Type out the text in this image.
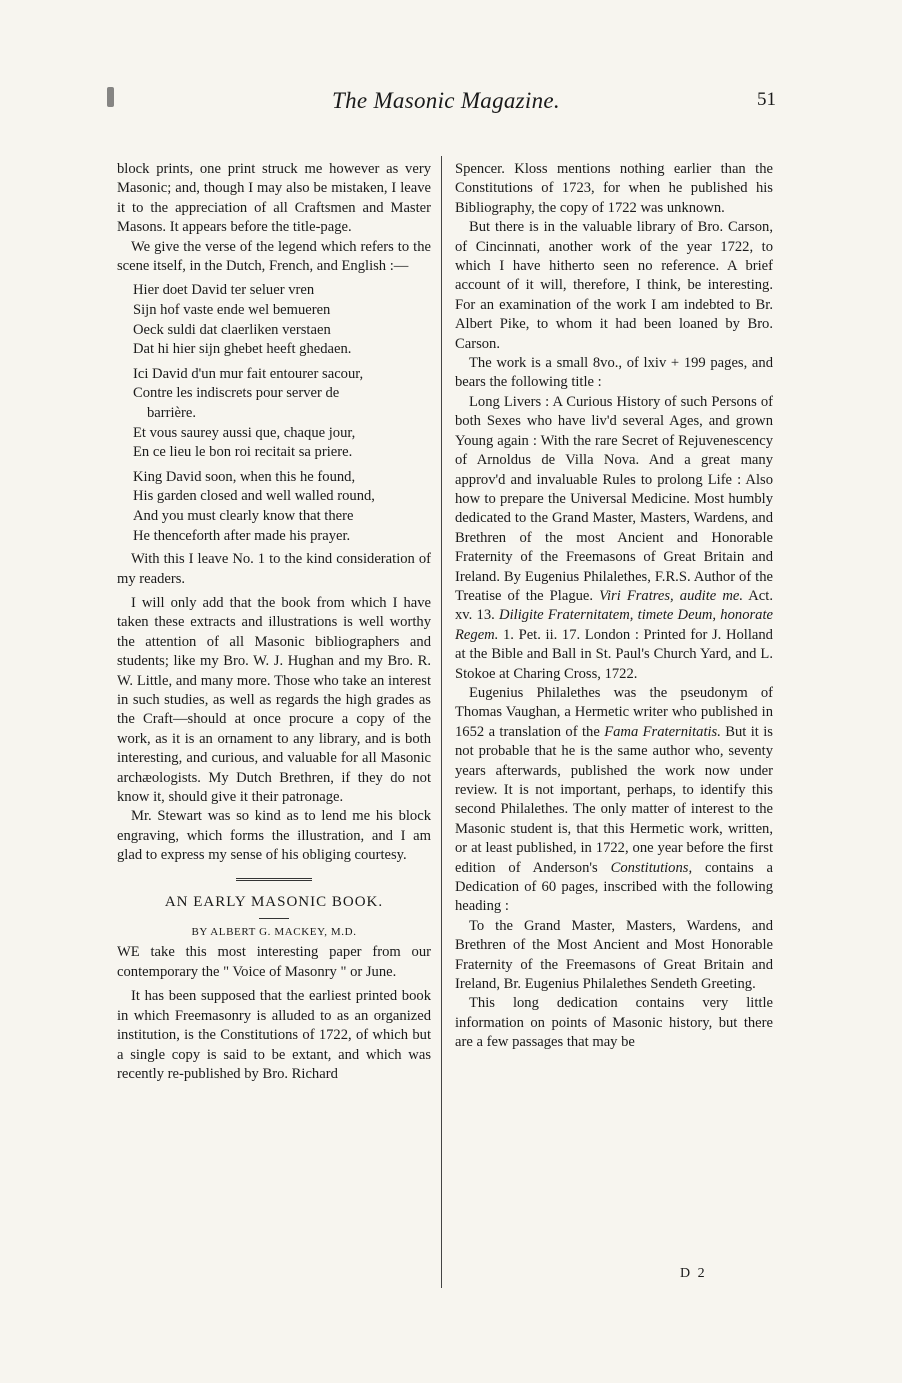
The Masonic Magazine.	51

block prints, one print struck me however as very Masonic; and, though I may also be mistaken, I leave it to the appreciation of all Craftsmen and Master Masons. It appears before the title-page.

We give the verse of the legend which refers to the scene itself, in the Dutch, French, and English :—

Hier doet David ter seluer vren
Sijn hof vaste ende wel bemueren
Oeck suldi dat claerliken verstaen
Dat hi hier sijn ghebet heeft ghedaen.
Ici David d'un mur fait entourer sacour,
Contre les indiscrets pour server de
barrière.
Et vous saurey aussi que, chaque jour,
En ce lieu le bon roi recitait sa priere.
King David soon, when this he found,
His garden closed and well walled round,
And you must clearly know that there
He thenceforth after made his prayer.

With this I leave No. 1 to the kind consideration of my readers.

I will only add that the book from which I have taken these extracts and illustrations is well worthy the attention of all Masonic bibliographers and students; like my Bro. W. J. Hughan and my Bro. R. W. Little, and many more. Those who take an interest in such studies, as well as regards the high grades as the Craft—should at once procure a copy of the work, as it is an ornament to any library, and is both interesting, and curious, and valuable for all Masonic archæologists. My Dutch Brethren, if they do not know it, should give it their patronage.

Mr. Stewart was so kind as to lend me his block engraving, which forms the illustration, and I am glad to express my sense of his obliging courtesy.

AN EARLY MASONIC BOOK.
BY ALBERT G. MACKEY, M.D.

WE take this most interesting paper from our contemporary the " Voice of Masonry " or June.

It has been supposed that the earliest printed book in which Freemasonry is alluded to as an organized institution, is the Constitutions of 1722, of which but a single copy is said to be extant, and which was recently re-published by Bro. Richard

Spencer. Kloss mentions nothing earlier than the Constitutions of 1723, for when he published his Bibliography, the copy of 1722 was unknown.

But there is in the valuable library of Bro. Carson, of Cincinnati, another work of the year 1722, to which I have hitherto seen no reference. A brief account of it will, therefore, I think, be interesting. For an examination of the work I am indebted to Br. Albert Pike, to whom it had been loaned by Bro. Carson.

The work is a small 8vo., of lxiv + 199 pages, and bears the following title :

Long Livers : A Curious History of such Persons of both Sexes who have liv'd several Ages, and grown Young again : With the rare Secret of Rejuvenescency of Arnoldus de Villa Nova. And a great many approv'd and invaluable Rules to prolong Life : Also how to prepare the Universal Medicine. Most humbly dedicated to the Grand Master, Masters, Wardens, and Brethren of the most Ancient and Honorable Fraternity of the Freemasons of Great Britain and Ireland. By Eugenius Philalethes, F.R.S. Author of the Treatise of the Plague. Viri Fratres, audite me. Act. xv. 13. Diligite Fraternitatem, timete Deum, honorate Regem. 1. Pet. ii. 17. London : Printed for J. Holland at the Bible and Ball in St. Paul's Church Yard, and L. Stokoe at Charing Cross, 1722.

Eugenius Philalethes was the pseudonym of Thomas Vaughan, a Hermetic writer who published in 1652 a translation of the Fama Fraternitatis. But it is not probable that he is the same author who, seventy years afterwards, published the work now under review. It is not important, perhaps, to identify this second Philalethes. The only matter of interest to the Masonic student is, that this Hermetic work, written, or at least published, in 1722, one year before the first edition of Anderson's Constitutions, contains a Dedication of 60 pages, inscribed with the following heading :

To the Grand Master, Masters, Wardens, and Brethren of the Most Ancient and Most Honorable Fraternity of the Freemasons of Great Britain and Ireland, Br. Eugenius Philalethes Sendeth Greeting.

This long dedication contains very little information on points of Masonic history, but there are a few passages that may be

D 2
